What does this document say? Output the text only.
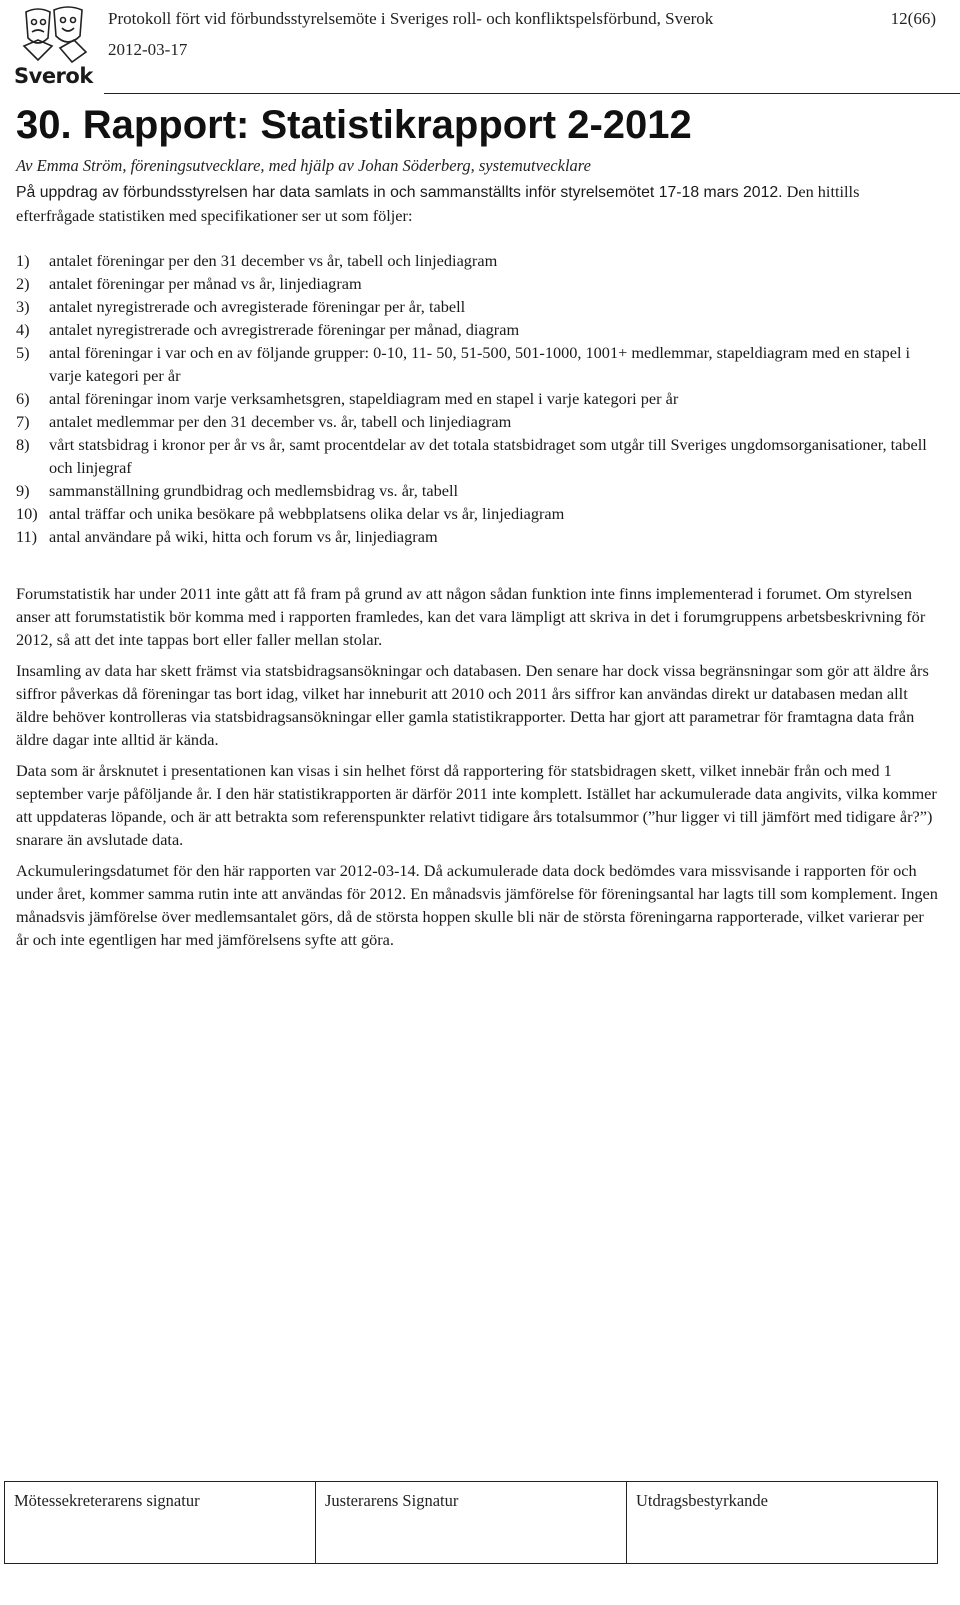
Sverok
Protokoll fört vid förbundsstyrelsemöte i Sveriges roll- och konfliktspelsförbund, Sverok
2012-03-17
12(66)
30. Rapport: Statistikrapport 2-2012
Av Emma Ström, föreningsutvecklare, med hjälp av Johan Söderberg, systemutvecklare

På uppdrag av förbundsstyrelsen har data samlats in och sammanställts inför styrelsemötet 17-18 mars 2012. Den hittills efterfrågade statistiken med specifikationer ser ut som följer:

1) antalet föreningar per den 31 december vs år, tabell och linjediagram
2) antalet föreningar per månad vs år, linjediagram
3) antalet nyregistrerade och avregisterade föreningar per år, tabell
4) antalet nyregistrerade och avregistrerade föreningar per månad, diagram
5) antal föreningar i var och en av följande grupper: 0-10, 11- 50, 51-500, 501-1000, 1001+ medlemmar, stapeldiagram med en stapel i varje kategori per år
6) antal föreningar inom varje verksamhetsgren, stapeldiagram med en stapel i varje kategori per år
7) antalet medlemmar per den 31 december vs. år, tabell och linjediagram
8) vårt statsbidrag i kronor per år vs år, samt procentdelar av det totala statsbidraget som utgår till Sveriges ungdomsorganisationer, tabell och linjegraf
9) sammanställning grundbidrag och medlemsbidrag vs. år, tabell
10) antal träffar och unika besökare på webbplatsens olika delar vs år, linjediagram
11) antal användare på wiki, hitta och forum vs år, linjediagram

Forumstatistik har under 2011 inte gått att få fram på grund av att någon sådan funktion inte finns implementerad i forumet. Om styrelsen anser att forumstatistik bör komma med i rapporten framledes, kan det vara lämpligt att skriva in det i forumgruppens arbetsbeskrivning för 2012, så att det inte tappas bort eller faller mellan stolar.

Insamling av data har skett främst via statsbidragsansökningar och databasen. Den senare har dock vissa begränsningar som gör att äldre års siffror påverkas då föreningar tas bort idag, vilket har inneburit att 2010 och 2011 års siffror kan användas direkt ur databasen medan allt äldre behöver kontrolleras via statsbidragsansökningar eller gamla statistikrapporter. Detta har gjort att parametrar för framtagna data från äldre dagar inte alltid är kända.

Data som är årsknutet i presentationen kan visas i sin helhet först då rapportering för statsbidragen skett, vilket innebär från och med 1 september varje påföljande år. I den här statistikrapporten är därför 2011 inte komplett. Istället har ackumulerade data angivits, vilka kommer att uppdateras löpande, och är att betrakta som referenspunkter relativt tidigare års totalsummor (”hur ligger vi till jämfört med tidigare år?”) snarare än avslutade data.

Ackumuleringsdatumet för den här rapporten var 2012-03-14. Då ackumulerade data dock bedömdes vara missvisande i rapporten för och under året, kommer samma rutin inte att användas för 2012. En månadsvis jämförelse för föreningsantal har lagts till som komplement. Ingen månadsvis jämförelse över medlemsantalet görs, då de största hoppen skulle bli när de största föreningarna rapporterade, vilket varierar per år och inte egentligen har med jämförelsens syfte att göra.

Mötessekreterarens signatur	Justerarens Signatur	Utdragsbestyrkande
